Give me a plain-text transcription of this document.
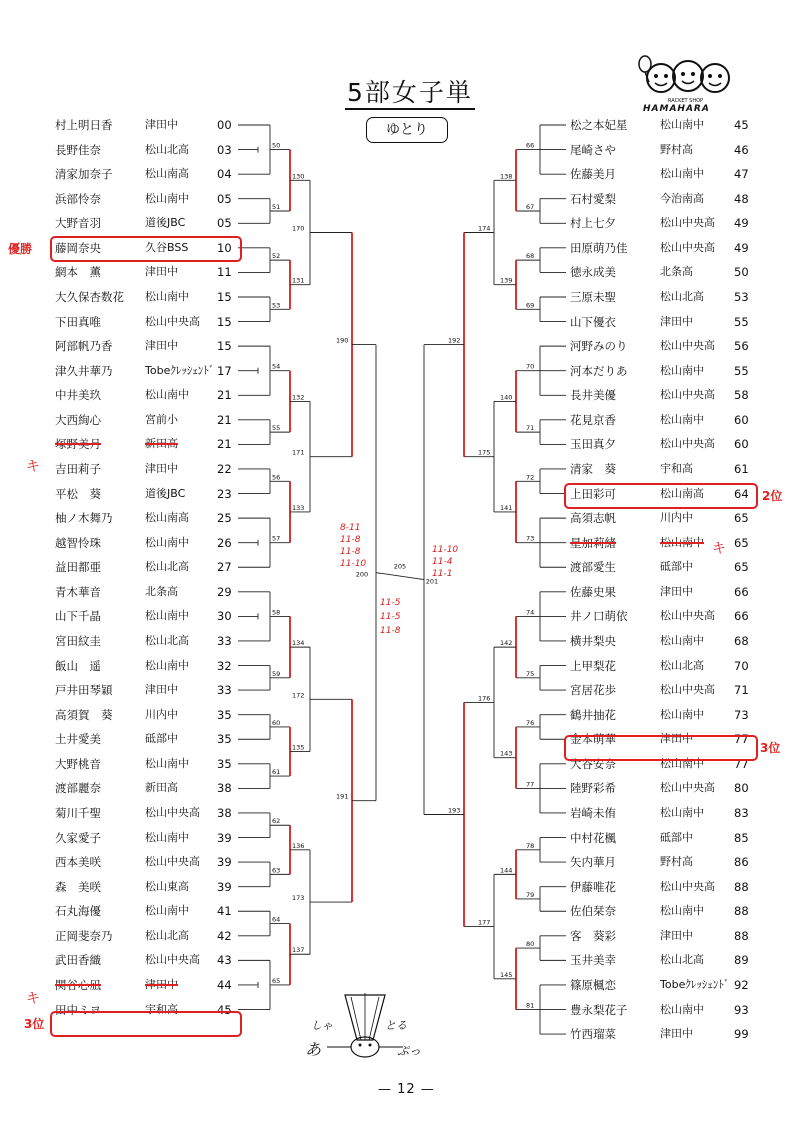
5部女子単
ゆとり
RACKET SHOP
HAMAHARA
50
51
52
53
54
55
56
57
58
59
60
61
62
63
64
65
130
131
132
133
134
135
136
137
170
171
172
173
190
191
66
67
68
69
70
71
72
73
74
75
76
77
78
79
80
81
138
139
140
141
142
143
144
145
174
175
176
177
192
193
200
201
205
8-11
11-8
11-8
11-10
11-5
11-5
11-8
11-10
11-4
11-1
村上明日香	津田中	00
長野佳奈	松山北高 03
清家加奈子	松山南高 04
浜部怜奈	松山南中 05
大野音羽	道後JBC	05
藤岡奈央	久谷BSS 10
網本　薫	津田中	11
大久保杏数花 松山南中 15
下田真唯	松山中央高 15
阿部帆乃香	津田中	15
津久井華乃	Tobeｸﾚｯｼｪﾝﾄﾞ 17
中井美玖	松山南中 21
大西絢心	宮前小	21
塚野美月	新田高	21
吉田莉子	津田中	22
平松　葵	道後JBC	23
柚ノ木舞乃	松山南高 25
越智怜珠	松山南中 26
益田都亜	松山北高 27
青木華音	北条高	29
山下千晶	松山南中 30
宮田紋圭	松山北高 33
飯山　遥	松山南中 32
戸井田琴穎	津田中	33
高須賀　葵	川内中	35
土井愛美	砥部中	35
大野桃音	松山南中 35
渡部麗奈	新田高	38
菊川千聖	松山中央高 38
久家愛子	松山南中 39
西本美咲	松山中央高 39
森　美咲	松山東高 39
石丸海優	松山南中 41
正岡斐奈乃	松山北高 42
武田香織	松山中央高 43
関谷心凪	津田中	44
田中ミヨ	宇和高	45
松之本妃星	松山南中	45
尾崎さや	野村高	46
佐藤美月	松山南中	47
石村愛梨	今治南高	48
村上七夕	松山中央高 49
田原萌乃佳	松山中央高 49
徳永成美	北条高	50
三原未聖	松山北高	53
山下優衣	津田中	55
河野みのり	松山中央高 56
河本だりあ	松山南中	55
長井美優	松山中央高 58
花見京香	松山南中	60
玉田真夕	松山中央高 60
清家　葵	宇和高	61
上田彩可	松山南高	64
高須志帆	川内中	65
星加莉緒	松山南中	65
渡部愛生	砥部中	65
佐藤史果	津田中	66
井ノ口萌依	松山中央高 66
横井梨央	松山南中	68
上甲梨花	松山北高	70
宮居花歩	松山中央高 71
鶴井抽花	松山南中	73
金本萌華	津田中	77
大谷安奈	松山南中	77
陸野彩希	松山中央高 80
岩崎未侑	松山南中	83
中村花楓	砥部中	85
矢内華月	野村高	86
伊藤唯花	松山中央高 88
佐伯栞奈	松山南中	88
客　葵彩	津田中	88
玉井美幸	松山北高	89
篠原楓恋	Tobeｸﾚｯｼｪﾝﾄﾞ 92
豊永梨花子	松山南中	93
竹西瑠菜	津田中	99
優勝
3位
2位
3位
キ
キ
キ
しゃ	とる
あ	ぷっ
— 12 —
